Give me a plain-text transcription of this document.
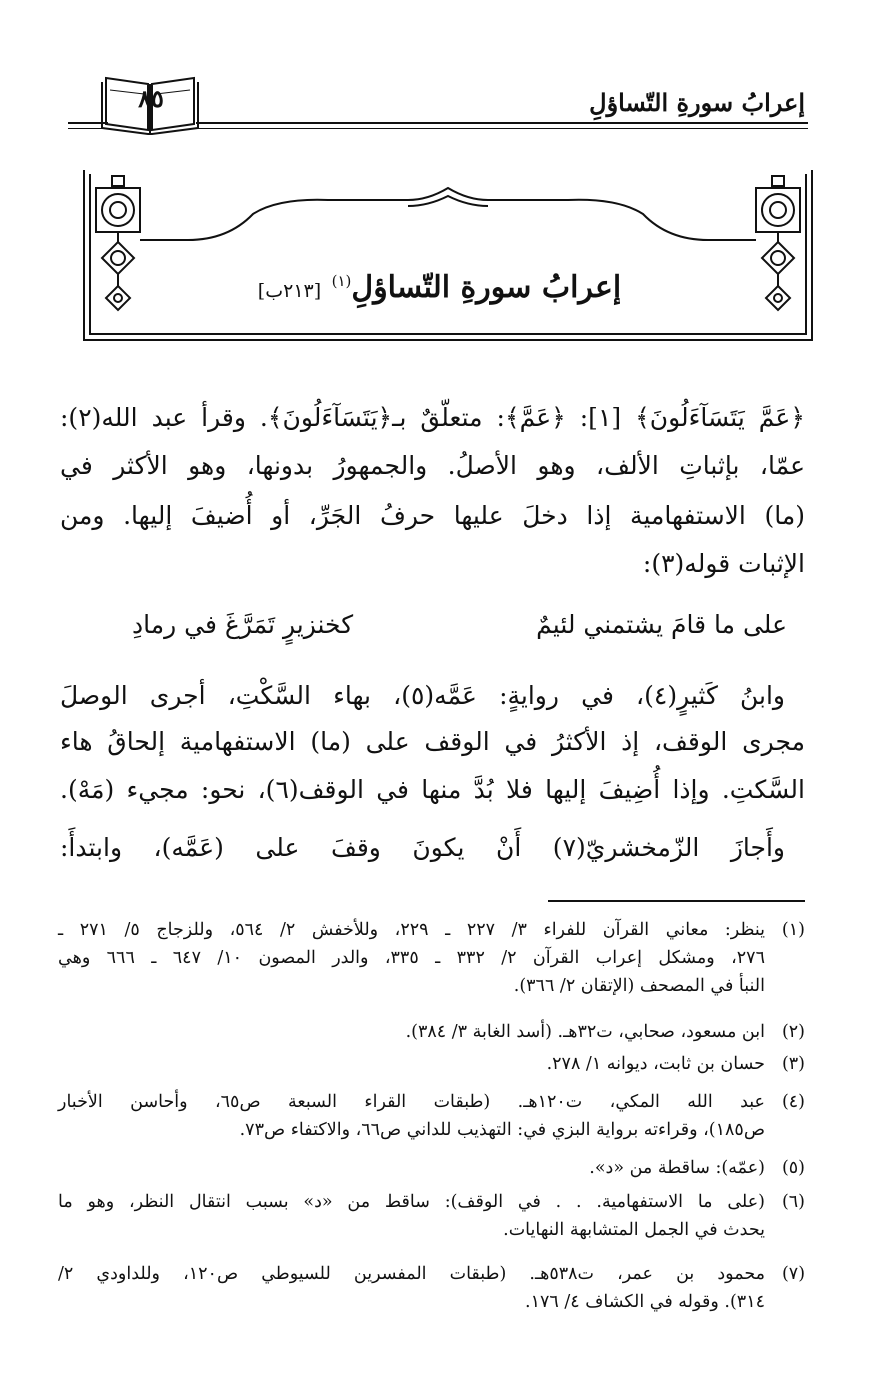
إعرابُ سورةِ التّساؤلِ
٨٥
إعرابُ سورةِ التّساؤلِ$^{(١)}$ [٢١٣ب]
﴿عَمَّ يَتَسَآءَلُونَ﴾ [١]: ﴿عَمَّ﴾: متعلّقٌ بـ﴿يَتَسَآءَلُونَ﴾. وقرأ عبد الله(٢):
عمّا، بإثباتِ الألف، وهو الأصلُ. والجمهورُ بدونها، وهو الأكثر في
(ما) الاستفهامية إذا دخلَ عليها حرفُ الجَرِّ، أو أُضيفَ إليها. ومن
الإثبات قوله(٣):
على ما قامَ يشتمني لئيمٌ
كخنزيرٍ تَمَرَّغَ في رمادِ
وابنُ كَثيرٍ(٤)، في روايةٍ: عَمَّه(٥)، بهاء السَّكْتِ، أجرى الوصلَ
مجرى الوقف، إذ الأكثرُ في الوقف على (ما) الاستفهامية إلحاقُ هاء
السَّكتِ. وإذا أُضِيفَ إليها فلا بُدَّ منها في الوقف(٦)، نحو: مجيء (مَهْ).
وأَجازَ الزّمخشريّ(٧) أَنْ يكونَ وقفَ على (عَمَّه)، وابتدأَ:
(١)ينظر: معاني القرآن للفراء ٣/ ٢٢٧ ـ ٢٢٩، وللأخفش ٢/ ٥٦٤، وللزجاج ٥/ ٢٧١ ـ
٢٧٦، ومشكل إعراب القرآن ٢/ ٣٣٢ ـ ٣٣٥، والدر المصون ١٠/ ٦٤٧ ـ ٦٦٦ وهي
النبأ في المصحف (الإتقان ٢/ ٣٦٦).
(٢)ابن مسعود، صحابي، ت٣٢هـ. (أسد الغابة ٣/ ٣٨٤).
(٣)حسان بن ثابت، ديوانه ١/ ٢٧٨.
(٤)عبد الله المكي، ت١٢٠هـ. (طبقات القراء السبعة ص٦٥، وأحاسن الأخبار
ص١٨٥)، وقراءته برواية البزي في: التهذيب للداني ص٦٦، والاكتفاء ص٧٣.
(٥)(عمّه): ساقطة من «د».
(٦)(على ما الاستفهامية. . . في الوقف): ساقط من «د» بسبب انتقال النظر، وهو ما
يحدث في الجمل المتشابهة النهايات.
(٧)محمود بن عمر، ت٥٣٨هـ. (طبقات المفسرين للسيوطي ص١٢٠، وللداودي ٢/
٣١٤). وقوله في الكشاف ٤/ ١٧٦.
